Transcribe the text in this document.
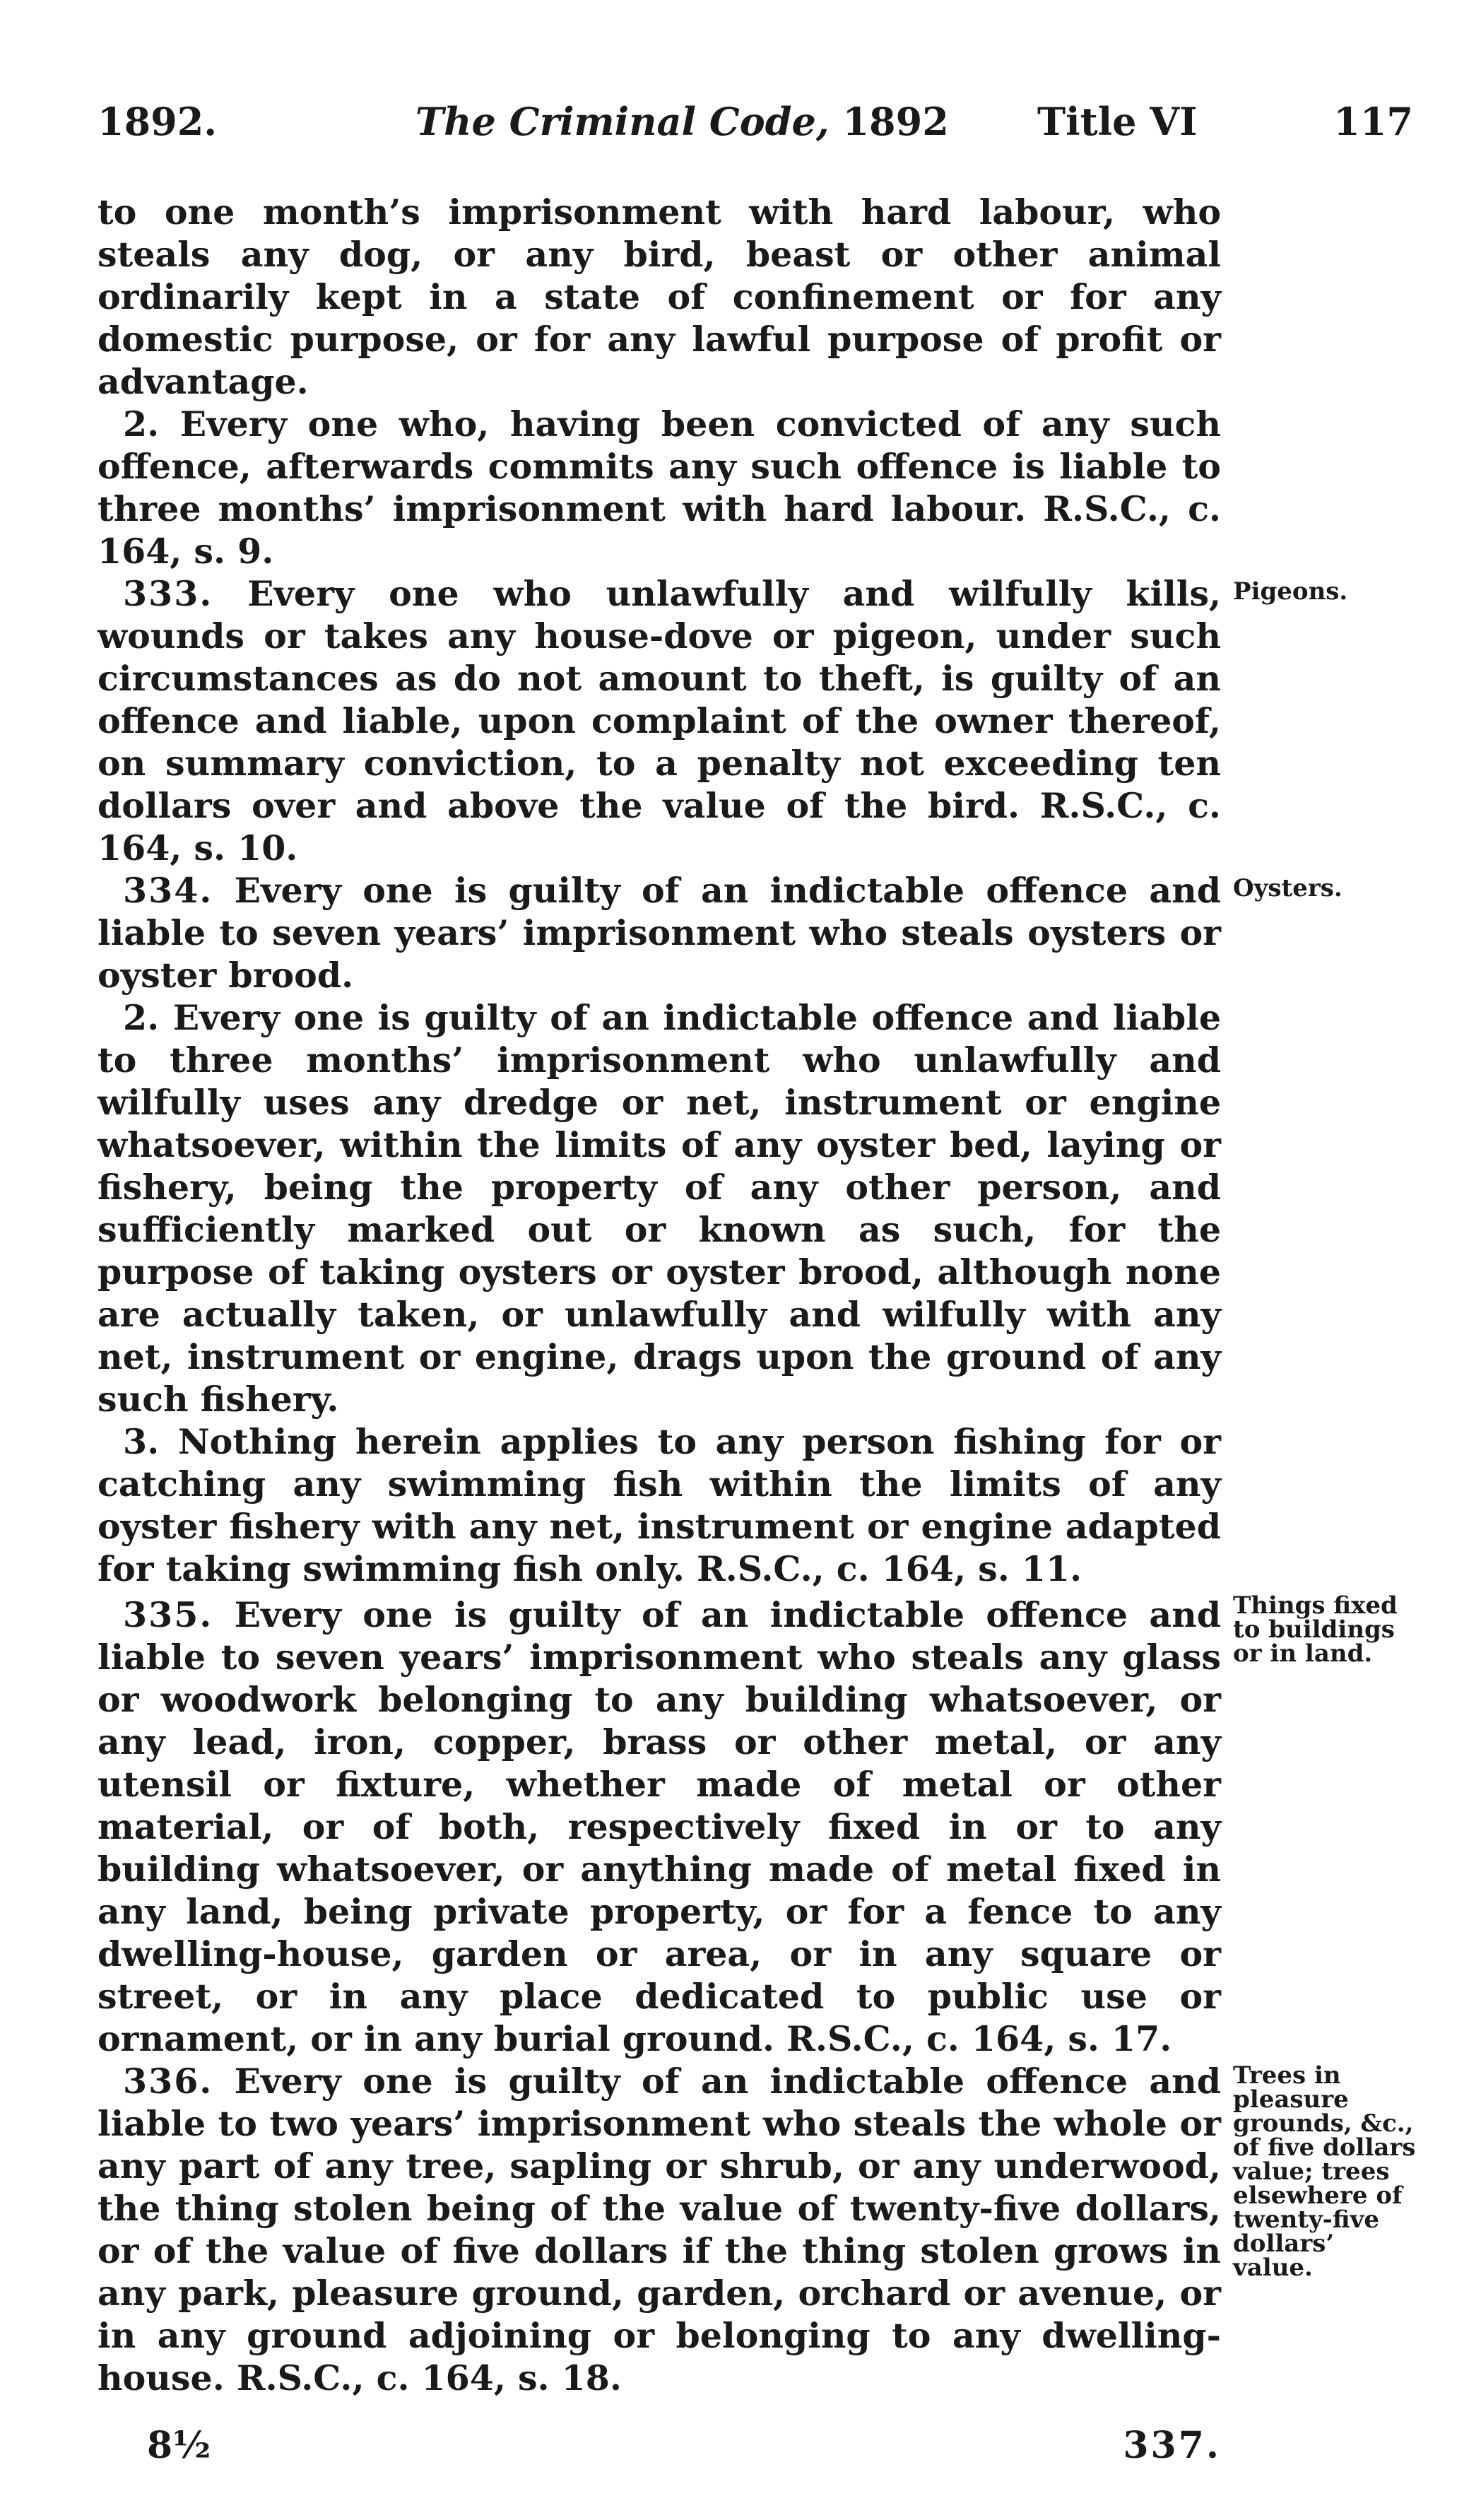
1892.	The Criminal Code, 1892 Title VI	117

to one month’s imprisonment with hard labour, who steals any dog, or any bird, beast or other animal ordinarily kept in a state of confinement or for any domestic purpose, or for any lawful purpose of profit or advantage.

2. Every one who, having been convicted of any such offence, afterwards commits any such offence is liable to three months’ imprisonment with hard labour. R.S.C., c. 164, s. 9.

333. Every one who unlawfully and wilfully kills, wounds or takes any house-dove or pigeon, under such circumstances as do not amount to theft, is guilty of an offence and liable, upon complaint of the owner thereof, on summary conviction, to a penalty not exceeding ten dollars over and above the value of the bird. R.S.C., c. 164, s. 10.

Pigeons.

334. Every one is guilty of an indictable offence and liable to seven years’ imprisonment who steals oysters or oyster brood.

2. Every one is guilty of an indictable offence and liable to three months’ imprisonment who unlawfully and wilfully uses any dredge or net, instrument or engine whatsoever, within the limits of any oyster bed, laying or fishery, being the property of any other person, and sufficiently marked out or known as such, for the purpose of taking oysters or oyster brood, although none are actually taken, or unlawfully and wilfully with any net, instrument or engine, drags upon the ground of any such fishery.

3. Nothing herein applies to any person fishing for or catching any swimming fish within the limits of any oyster fishery with any net, instrument or engine adapted for taking swimming fish only. R.S.C., c. 164, s. 11.

Oysters.

335. Every one is guilty of an indictable offence and liable to seven years’ imprisonment who steals any glass or woodwork belonging to any building whatsoever, or any lead, iron, copper, brass or other metal, or any utensil or fixture, whether made of metal or other material, or of both, respectively fixed in or to any building whatsoever, or anything made of metal fixed in any land, being private property, or for a fence to any dwelling-house, garden or area, or in any square or street, or in any place dedicated to public use or ornament, or in any burial ground. R.S.C., c. 164, s. 17.

Things fixed to buildings or in land.

336. Every one is guilty of an indictable offence and liable to two years’ imprisonment who steals the whole or any part of any tree, sapling or shrub, or any underwood, the thing stolen being of the value of twenty-five dollars, or of the value of five dollars if the thing stolen grows in any park, pleasure ground, garden, orchard or avenue, or in any ground adjoining or belonging to any dwelling-house. R.S.C., c. 164, s. 18.

Trees in pleasure grounds, &c., of five dollars value; trees elsewhere of twenty-five dollars’ value.
8½	337.
